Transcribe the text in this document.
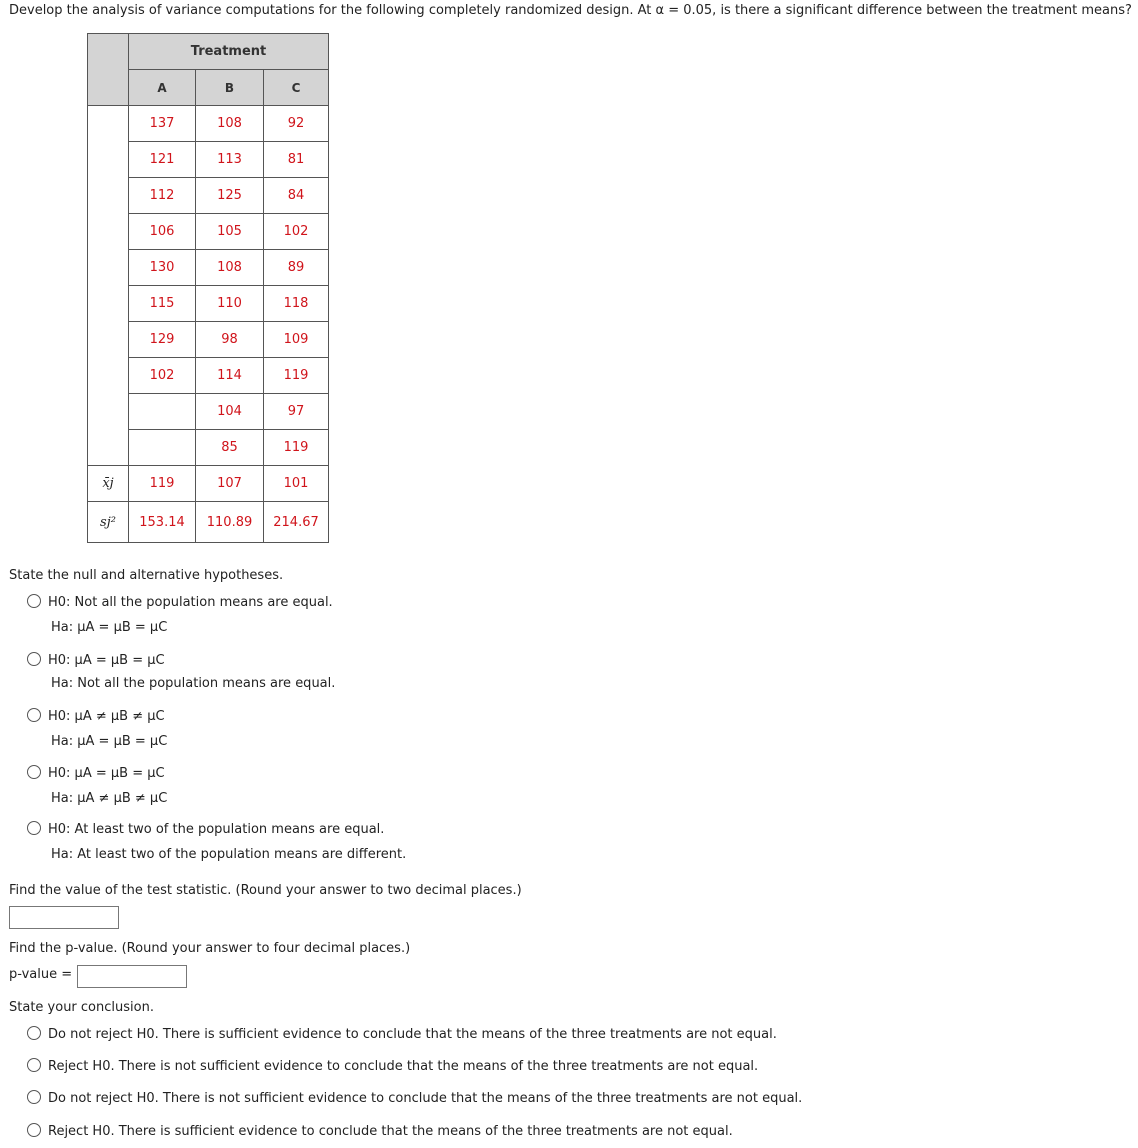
Develop the analysis of variance computations for the following completely randomized design. At α = 0.05, is there a significant difference between the treatment means?
	Treatment		
	A	B	C
	137	108	92
	121	113	81
	112	125	84
	106	105	102
	130	108	89
	115	110	118
	129	98	109
	102	114	119
		104	97
		85	119
x̄j	119	107	101
sj²	153.14	110.89	214.67
State the null and alternative hypotheses.
H0: Not all the population means are equal.
Ha: μA = μB = μC
H0: μA = μB = μC
Ha: Not all the population means are equal.
H0: μA ≠ μB ≠ μC
Ha: μA = μB = μC
H0: μA = μB = μC
Ha: μA ≠ μB ≠ μC
H0: At least two of the population means are equal.
Ha: At least two of the population means are different.
Find the value of the test statistic. (Round your answer to two decimal places.)
Find the p-value. (Round your answer to four decimal places.)
p-value =
State your conclusion.
Do not reject H0. There is sufficient evidence to conclude that the means of the three treatments are not equal.
Reject H0. There is not sufficient evidence to conclude that the means of the three treatments are not equal.
Do not reject H0. There is not sufficient evidence to conclude that the means of the three treatments are not equal.
Reject H0. There is sufficient evidence to conclude that the means of the three treatments are not equal.
